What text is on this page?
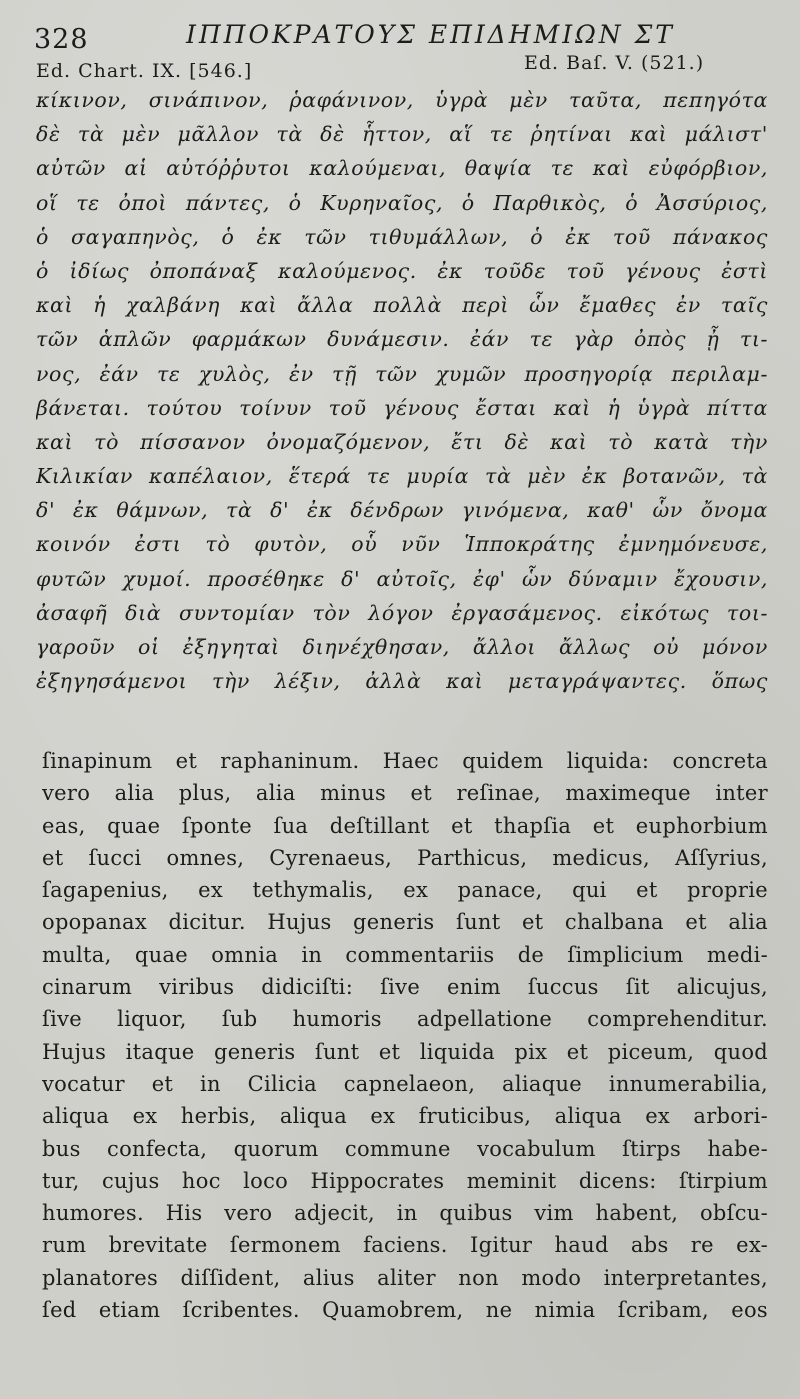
328	ΙΠΠΟΚΡΑΤΟΥΣ ΕΠΙΔΗΜΙΩΝ ΣΤ
Ed. Chart. IX. [546.]	Ed. Baſ. V. (521.)
κίκινον, σινάπινον, ῥαφάνινον, ὑγρὰ μὲν ταῦτα, πεπηγότα
δὲ τὰ μὲν μᾶλλον τὰ δὲ ἧττον, αἵ τε ῥητίναι καὶ μάλιστ'
αὐτῶν αἱ αὐτόῤῥυτοι καλούμεναι, θαψία τε καὶ εὐφόρβιον,
οἵ τε ὀποὶ πάντες, ὁ Κυρηναῖος, ὁ Παρθικὸς, ὁ Ἀσσύριος,
ὁ σαγαπηνὸς, ὁ ἐκ τῶν τιθυμάλλων, ὁ ἐκ τοῦ πάνακος
ὁ ἰδίως ὀποπάναξ καλούμενος. ἐκ τοῦδε τοῦ γένους ἐστὶ
καὶ ἡ χαλβάνη καὶ ἄλλα πολλὰ περὶ ὧν ἔμαθες ἐν ταῖς
τῶν ἁπλῶν φαρμάκων δυνάμεσιν. ἐάν τε γὰρ ὀπὸς ᾖ τι-
νος, ἐάν τε χυλὸς, ἐν τῇ τῶν χυμῶν προσηγορίᾳ περιλαμ-
βάνεται. τούτου τοίνυν τοῦ γένους ἔσται καὶ ἡ ὑγρὰ πίττα
καὶ τὸ πίσσανον ὀνομαζόμενον, ἔτι δὲ καὶ τὸ κατὰ τὴν
Κιλικίαν καπέλαιον, ἕτερά τε μυρία τὰ μὲν ἐκ βοτανῶν, τὰ
δ' ἐκ θάμνων, τὰ δ' ἐκ δένδρων γινόμενα, καθ' ὧν ὄνομα
κοινόν ἐστι τὸ φυτὸν, οὗ νῦν Ἱπποκράτης ἐμνημόνευσε,
φυτῶν χυμοί. προσέθηκε δ' αὐτοῖς, ἐφ' ὧν δύναμιν ἔχουσιν,
ἀσαφῆ διὰ συντομίαν τὸν λόγον ἐργασάμενος. εἰκότως τοι-
γαροῦν οἱ ἐξηγηταὶ διηνέχθησαν, ἄλλοι ἄλλως οὐ μόνον
ἐξηγησάμενοι τὴν λέξιν, ἀλλὰ καὶ μεταγράψαντες. ὅπως
ſinapinum et raphaninum. Haec quidem liquida: concreta
vero alia plus, alia minus et reſinae, maximeque inter
eas, quae ſponte ſua deſtillant et thapſia et euphorbium
et ſucci omnes, Cyrenaeus, Parthicus, medicus, Aſſyrius,
ſagapenius, ex tethymalis, ex panace, qui et proprie
opopanax dicitur. Hujus generis ſunt et chalbana et alia
multa, quae omnia in commentariis de ſimplicium medi-
cinarum viribus didiciſti: ſive enim ſuccus ſit alicujus,
ſive liquor, ſub humoris adpellatione comprehenditur.
Hujus itaque generis ſunt et liquida pix et piceum, quod
vocatur et in Cilicia capnelaeon, aliaque innumerabilia,
aliqua ex herbis, aliqua ex fruticibus, aliqua ex arbori-
bus confecta, quorum commune vocabulum ſtirps habe-
tur, cujus hoc loco Hippocrates meminit dicens: ſtirpium
humores. His vero adjecit, in quibus vim habent, obſcu-
rum brevitate ſermonem faciens. Igitur haud abs re ex-
planatores diſſident, alius aliter non modo interpretantes,
ſed etiam ſcribentes. Quamobrem, ne nimia ſcribam, eos
